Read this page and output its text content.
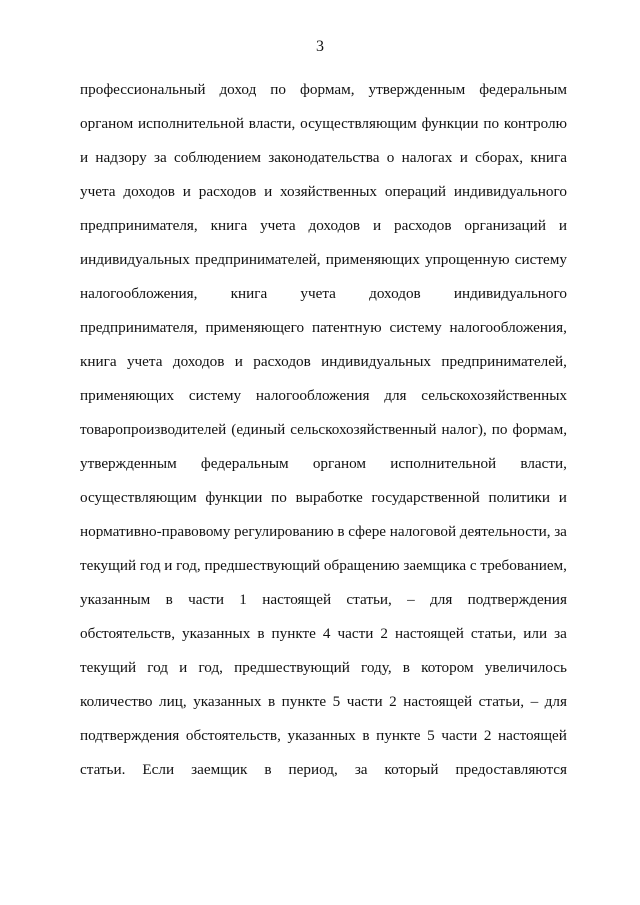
3
профессиональный доход по формам, утвержденным федеральным
органом исполнительной власти, осуществляющим функции по контролю
и надзору за соблюдением законодательства о налогах и сборах, книга
учета доходов и расходов и хозяйственных операций индивидуального
предпринимателя, книга учета доходов и расходов организаций и
индивидуальных предпринимателей, применяющих упрощенную систему
налогообложения, книга учета доходов индивидуального
предпринимателя, применяющего патентную систему налогообложения,
книга учета доходов и расходов индивидуальных предпринимателей,
применяющих систему налогообложения для сельскохозяйственных
товаропроизводителей (единый сельскохозяйственный налог), по формам,
утвержденным федеральным органом исполнительной власти,
осуществляющим функции по выработке государственной политики и
нормативно-правовому регулированию в сфере налоговой деятельности, за
текущий год и год, предшествующий обращению заемщика с требованием,
указанным в части 1 настоящей статьи, – для подтверждения
обстоятельств, указанных в пункте 4 части 2 настоящей статьи, или за
текущий год и год, предшествующий году, в котором увеличилось
количество лиц, указанных в пункте 5 части 2 настоящей статьи, – для
подтверждения обстоятельств, указанных в пункте 5 части 2 настоящей
статьи. Если заемщик в период, за который предоставляются
